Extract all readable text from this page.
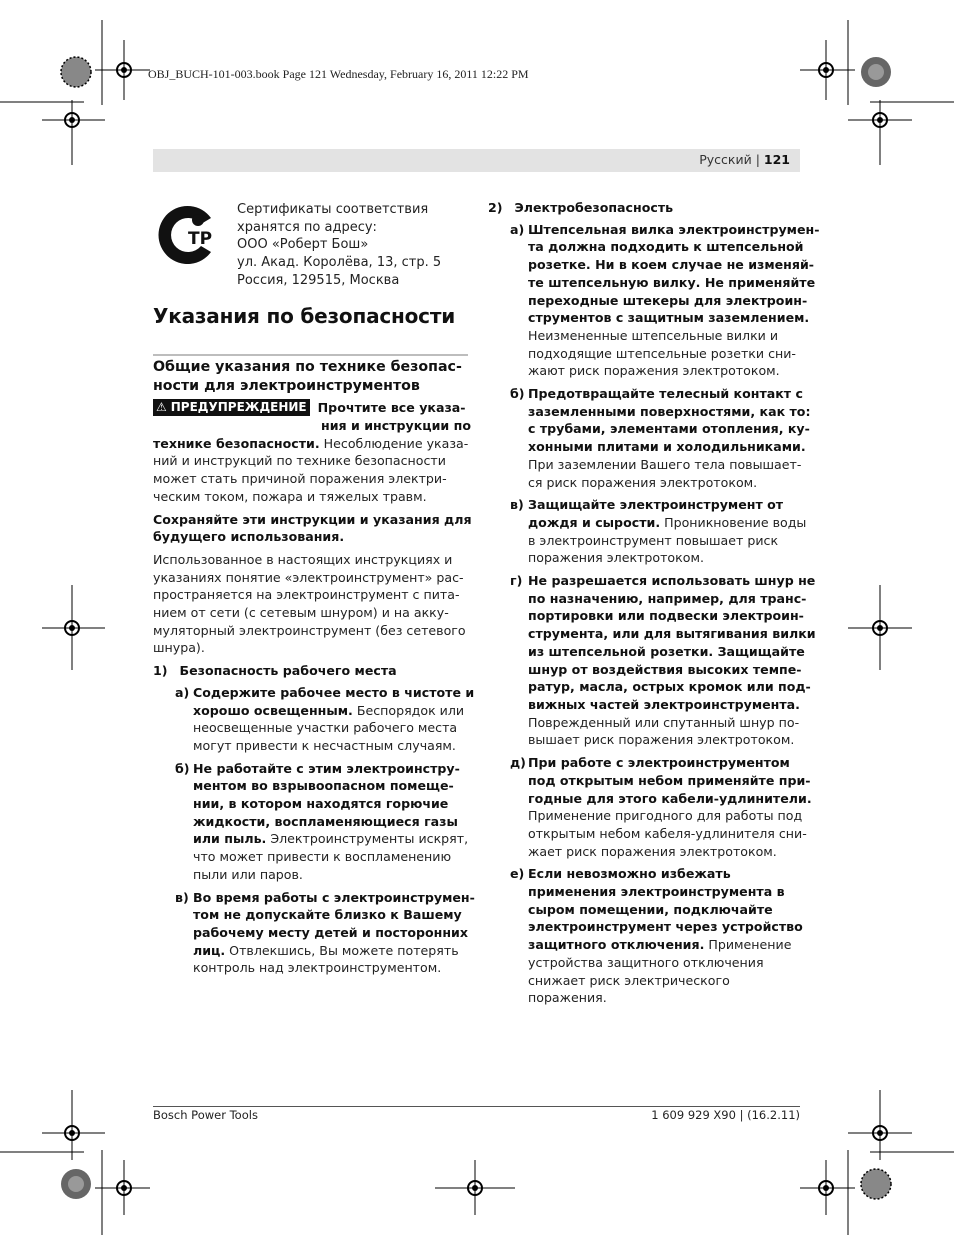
OBJ_BUCH-101-003.book Page 121 Wednesday, February 16, 2011 12:22 PM
Русский | 121
ТР
Сертификаты соответствия
хранятся по адресу:
ООО «Роберт Бош»
ул. Акад. Королёва, 13, стр. 5
Россия, 129515, Москва
Указания по безопасности
Общие указания по технике безопас-
ности для электроинструментов
⚠ ПРЕДУПРЕЖДЕНИЕ Прочтите все указа-
ния и инструкции по
технике безопасности. Несоблюдение указа-
ний и инструкций по технике безопасности
может стать причиной поражения электри-
ческим током, пожара и тяжелых травм.
Сохраняйте эти инструкции и указания для
будущего использования.
Использованное в настоящих инструкциях и
указаниях понятие «электроинструмент» рас-
пространяется на электроинструмент с пита-
нием от сети (с сетевым шнуром) и на акку-
муляторный электроинструмент (без сетевого
шнура).
1) Безопасность рабочего места
а) Содержите рабочее место в чистоте и
хорошо освещенным. Беспорядок или
неосвещенные участки рабочего места
могут привести к несчастным случаям.
б) Не работайте с этим электроинстру-
ментом во взрывоопасном помеще-
нии, в котором находятся горючие
жидкости, воспламеняющиеся газы
или пыль. Электроинструменты искрят,
что может привести к воспламенению
пыли или паров.
в) Во время работы с электроинструмен-
том не допускайте близко к Вашему
рабочему месту детей и посторонних
лиц. Отвлекшись, Вы можете потерять
контроль над электроинструментом.
2) Электробезопасность
а) Штепсельная вилка электроинструмен-
та должна подходить к штепсельной
розетке. Ни в коем случае не изменяй-
те штепсельную вилку. Не применяйте
переходные штекеры для электроин-
струментов с защитным заземлением.
Неизмененные штепсельные вилки и
подходящие штепсельные розетки сни-
жают риск поражения электротоком.
б) Предотвращайте телесный контакт с
заземленными поверхностями, как то:
с трубами, элементами отопления, ку-
хонными плитами и холодильниками.
При заземлении Вашего тела повышает-
ся риск поражения электротоком.
в) Защищайте электроинструмент от
дождя и сырости. Проникновение воды
в электроинструмент повышает риск
поражения электротоком.
г) Не разрешается использовать шнур не
по назначению, например, для транс-
портировки или подвески электроин-
струмента, или для вытягивания вилки
из штепсельной розетки. Защищайте
шнур от воздействия высоких темпе-
ратур, масла, острых кромок или под-
вижных частей электроинструмента.
Поврежденный или спутанный шнур по-
вышает риск поражения электротоком.
д) При работе с электроинструментом
под открытым небом применяйте при-
годные для этого кабели-удлинители.
Применение пригодного для работы под
открытым небом кабеля-удлинителя сни-
жает риск поражения электротоком.
е) Если невозможно избежать
применения электроинструмента в
сыром помещении, подключайте
электроинструмент через устройство
защитного отключения. Применение
устройства защитного отключения
снижает риск электрического
поражения.
Bosch Power Tools	1 609 929 X90 | (16.2.11)
